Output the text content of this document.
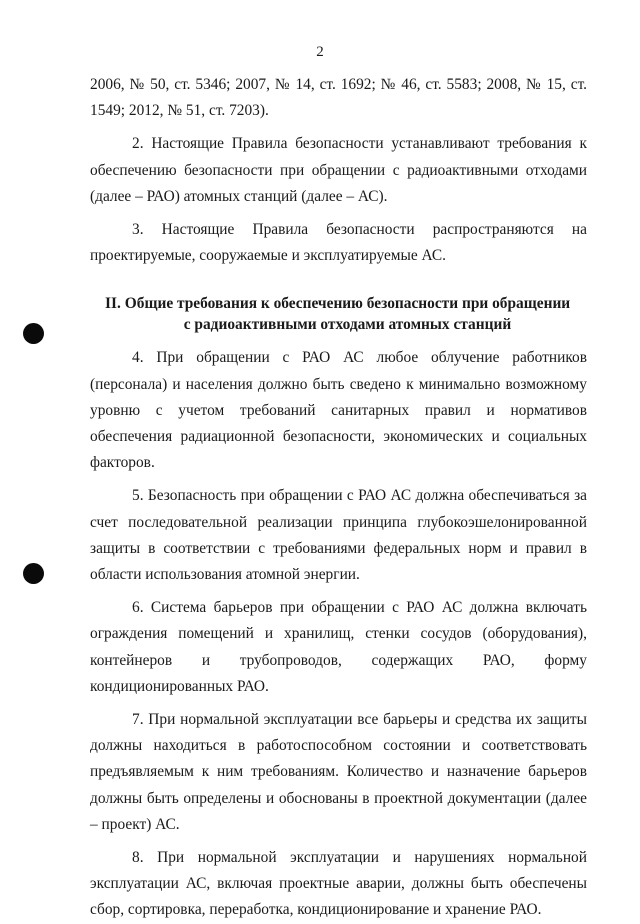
2

2006, № 50, ст. 5346; 2007, № 14, ст. 1692; № 46, ст. 5583; 2008, № 15, ст. 1549; 2012, № 51, ст. 7203).

2. Настоящие Правила безопасности устанавливают требования к обеспечению безопасности при обращении с радиоактивными отходами (далее – РАО) атомных станций (далее – АС).

3. Настоящие Правила безопасности распространяются на проектируемые, сооружаемые и эксплуатируемые АС.

II. Общие требования к обеспечению безопасности при обращении
с радиоактивными отходами атомных станций

4. При обращении с РАО АС любое облучение работников (персонала) и населения должно быть сведено к минимально возможному уровню с учетом требований санитарных правил и нормативов обеспечения радиационной безопасности, экономических и социальных факторов.

5. Безопасность при обращении с РАО АС должна обеспечиваться за счет последовательной реализации принципа глубокоэшелонированной защиты в соответствии с требованиями федеральных норм и правил в области использования атомной энергии.

6. Система барьеров при обращении с РАО АС должна включать ограждения помещений и хранилищ, стенки сосудов (оборудования), контейнеров и трубопроводов, содержащих РАО, форму кондиционированных РАО.

7. При нормальной эксплуатации все барьеры и средства их защиты должны находиться в работоспособном состоянии и соответствовать предъявляемым к ним требованиям. Количество и назначение барьеров должны быть определены и обоснованы в проектной документации (далее – проект) АС.

8. При нормальной эксплуатации и нарушениях нормальной эксплуатации АС, включая проектные аварии, должны быть обеспечены сбор, сортировка, переработка, кондиционирование и хранение РАО.
